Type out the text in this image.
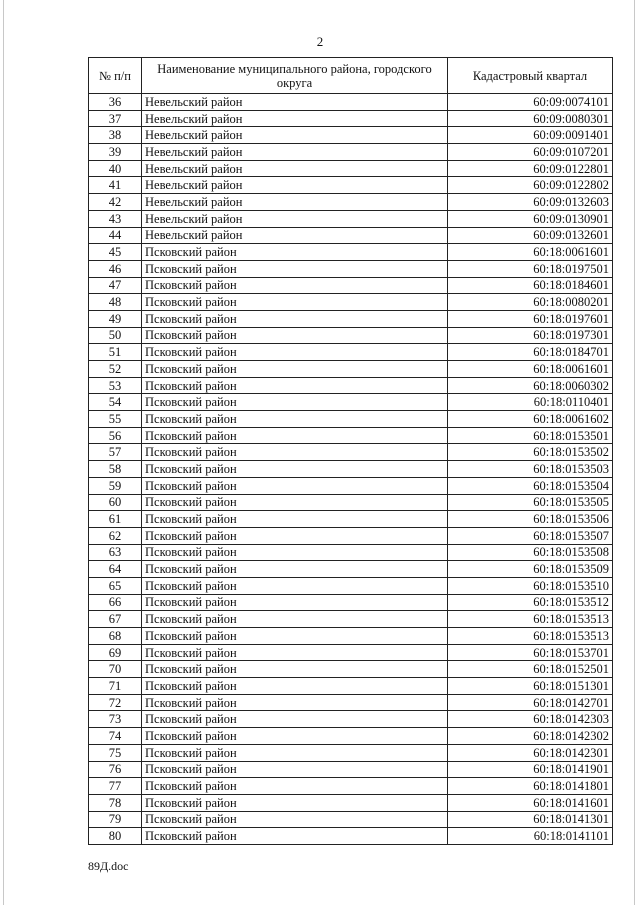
2
№ п/п	Наименование муниципального района, городского округа	Кадастровый квартал
36	Невельский район	60:09:0074101
37	Невельский район	60:09:0080301
38	Невельский район	60:09:0091401
39	Невельский район	60:09:0107201
40	Невельский район	60:09:0122801
41	Невельский район	60:09:0122802
42	Невельский район	60:09:0132603
43	Невельский район	60:09:0130901
44	Невельский район	60:09:0132601
45	Псковский район	60:18:0061601
46	Псковский район	60:18:0197501
47	Псковский район	60:18:0184601
48	Псковский район	60:18:0080201
49	Псковский район	60:18:0197601
50	Псковский район	60:18:0197301
51	Псковский район	60:18:0184701
52	Псковский район	60:18:0061601
53	Псковский район	60:18:0060302
54	Псковский район	60:18:0110401
55	Псковский район	60:18:0061602
56	Псковский район	60:18:0153501
57	Псковский район	60:18:0153502
58	Псковский район	60:18:0153503
59	Псковский район	60:18:0153504
60	Псковский район	60:18:0153505
61	Псковский район	60:18:0153506
62	Псковский район	60:18:0153507
63	Псковский район	60:18:0153508
64	Псковский район	60:18:0153509
65	Псковский район	60:18:0153510
66	Псковский район	60:18:0153512
67	Псковский район	60:18:0153513
68	Псковский район	60:18:0153513
69	Псковский район	60:18:0153701
70	Псковский район	60:18:0152501
71	Псковский район	60:18:0151301
72	Псковский район	60:18:0142701
73	Псковский район	60:18:0142303
74	Псковский район	60:18:0142302
75	Псковский район	60:18:0142301
76	Псковский район	60:18:0141901
77	Псковский район	60:18:0141801
78	Псковский район	60:18:0141601
79	Псковский район	60:18:0141301
80	Псковский район	60:18:0141101
89Д.doc
